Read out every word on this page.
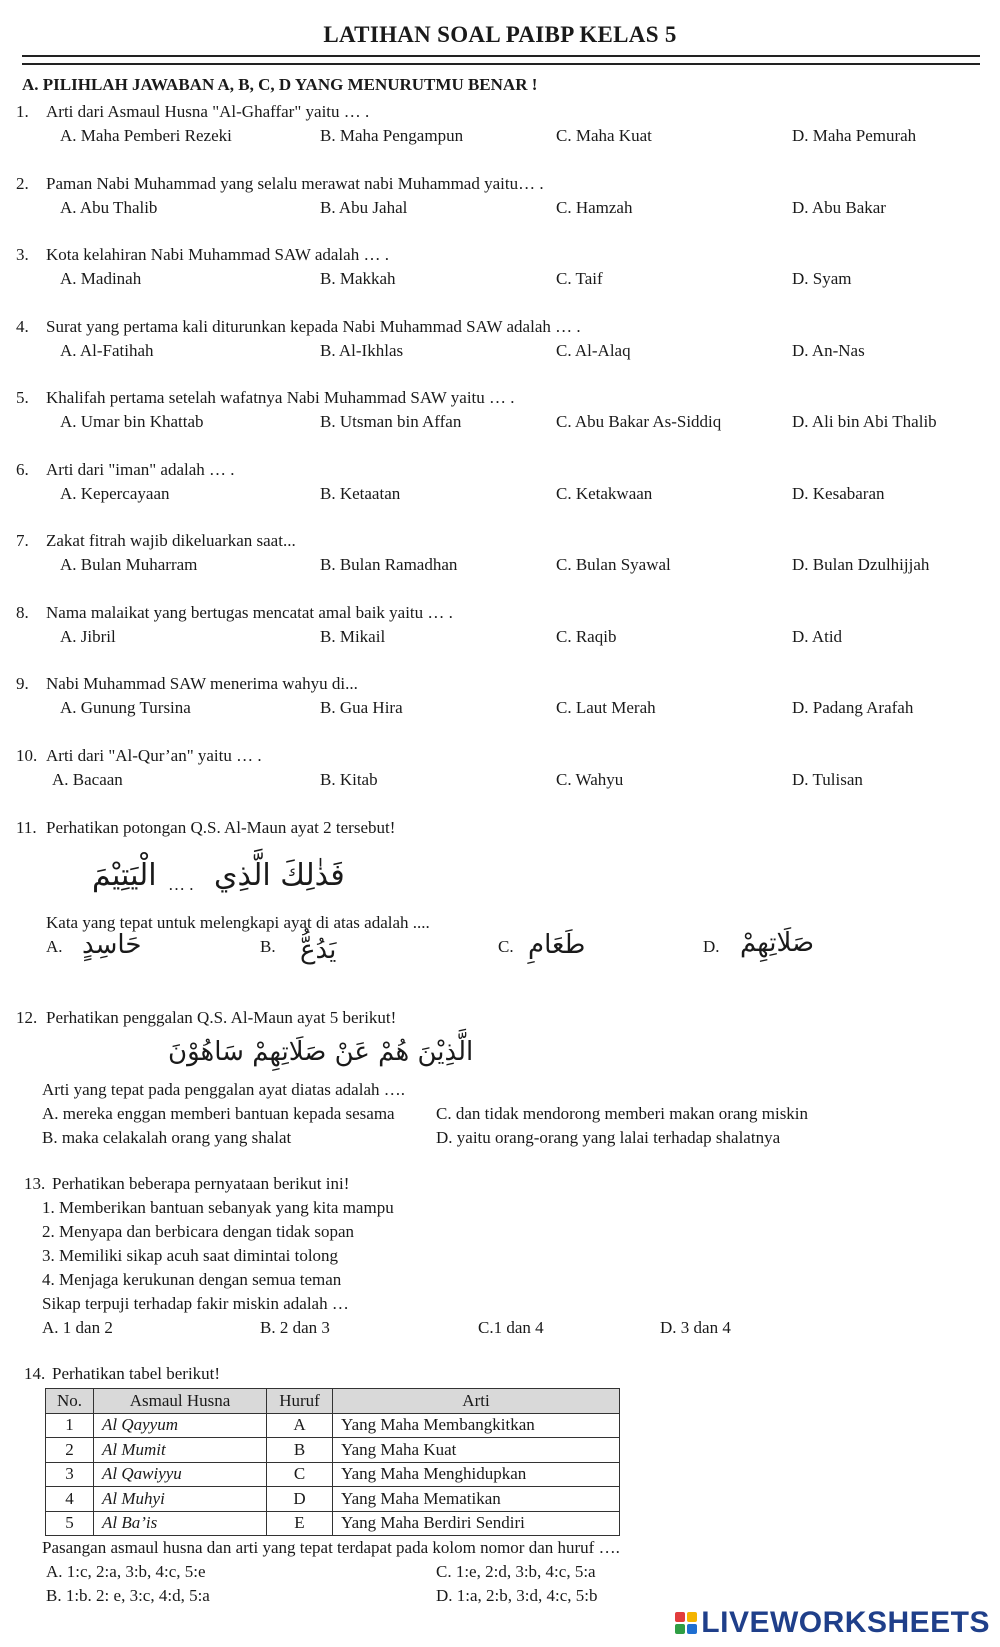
LATIHAN SOAL PAIBP KELAS 5
A. PILIHLAH JAWABAN A, B, C, D YANG MENURUTMU BENAR !
1. Arti dari Asmaul Husna "Al-Ghaffar" yaitu … .
A. Maha Pemberi Rezeki	B. Maha Pengampun	C. Maha Kuat	D. Maha Pemurah
2. Paman Nabi Muhammad yang selalu merawat nabi Muhammad yaitu… .
A. Abu Thalib	B. Abu Jahal	C. Hamzah	D. Abu Bakar
3. Kota kelahiran Nabi Muhammad SAW adalah … .
A. Madinah	B. Makkah	C. Taif	D. Syam
4. Surat yang pertama kali diturunkan kepada Nabi Muhammad SAW adalah … .
A. Al-Fatihah	B. Al-Ikhlas	C. Al-Alaq	D. An-Nas
5. Khalifah pertama setelah wafatnya Nabi Muhammad SAW yaitu … .
A. Umar bin Khattab	B. Utsman bin Affan	C. Abu Bakar As-Siddiq	D. Ali bin Abi Thalib
6. Arti dari "iman" adalah … .
A. Kepercayaan	B. Ketaatan	C. Ketakwaan	D. Kesabaran
7. Zakat fitrah wajib dikeluarkan saat...
A. Bulan Muharram	B. Bulan Ramadhan	C. Bulan Syawal	D. Bulan Dzulhijjah
8. Nama malaikat yang bertugas mencatat amal baik yaitu … .
A. Jibril	B. Mikail	C. Raqib	D. Atid
9. Nabi Muhammad SAW menerima wahyu di...
A. Gunung Tursina	B. Gua Hira	C. Laut Merah	D. Padang Arafah
10. Arti dari "Al-Qur’an" yaitu … .
A. Bacaan	B. Kitab	C. Wahyu	D. Tulisan
11. Perhatikan potongan Q.S. Al-Maun ayat 2 tersebut!
فَذٰلِكَ الَّذِي
… .
الْيَتِيْمَ
Kata yang tepat untuk melengkapi ayat di atas adalah ....
A. حَاسِدٍ	B. يَدُعُّ	C. طَعَامِ	D. صَلَاتِهِمْ
12. Perhatikan penggalan Q.S. Al-Maun ayat 5 berikut!
الَّذِيْنَ هُمْ عَنْ صَلَاتِهِمْ سَاهُوْنَ
Arti yang tepat pada penggalan ayat diatas adalah ….
A. mereka enggan memberi bantuan kepada sesama C. dan tidak mendorong memberi makan orang miskin
B. maka celakalah orang yang shalat	D. yaitu orang-orang yang lalai terhadap shalatnya
13. Perhatikan beberapa pernyataan berikut ini!
1. Memberikan bantuan sebanyak yang kita mampu
2. Menyapa dan berbicara dengan tidak sopan
3. Memiliki sikap acuh saat dimintai tolong
4. Menjaga kerukunan dengan semua teman
Sikap terpuji terhadap fakir miskin adalah …
A. 1 dan 2	B. 2 dan 3	C.1 dan 4	D. 3 dan 4
14. Perhatikan tabel berikut!
No.	Asmaul Husna	Huruf	Arti
1	Al Qayyum	A	Yang Maha Membangkitkan
2	Al Mumit	B	Yang Maha Kuat
3	Al Qawiyyu	C	Yang Maha Menghidupkan
4	Al Muhyi	D	Yang Maha Mematikan
5	Al Ba’is	E	Yang Maha Berdiri Sendiri
Pasangan asmaul husna dan arti yang tepat terdapat pada kolom nomor dan huruf ….
A. 1:c, 2:a, 3:b, 4:c, 5:e	C. 1:e, 2:d, 3:b, 4:c, 5:a
B. 1:b. 2: e, 3:c, 4:d, 5:a	D. 1:a, 2:b, 3:d, 4:c, 5:b
LIVEWORKSHEETS
